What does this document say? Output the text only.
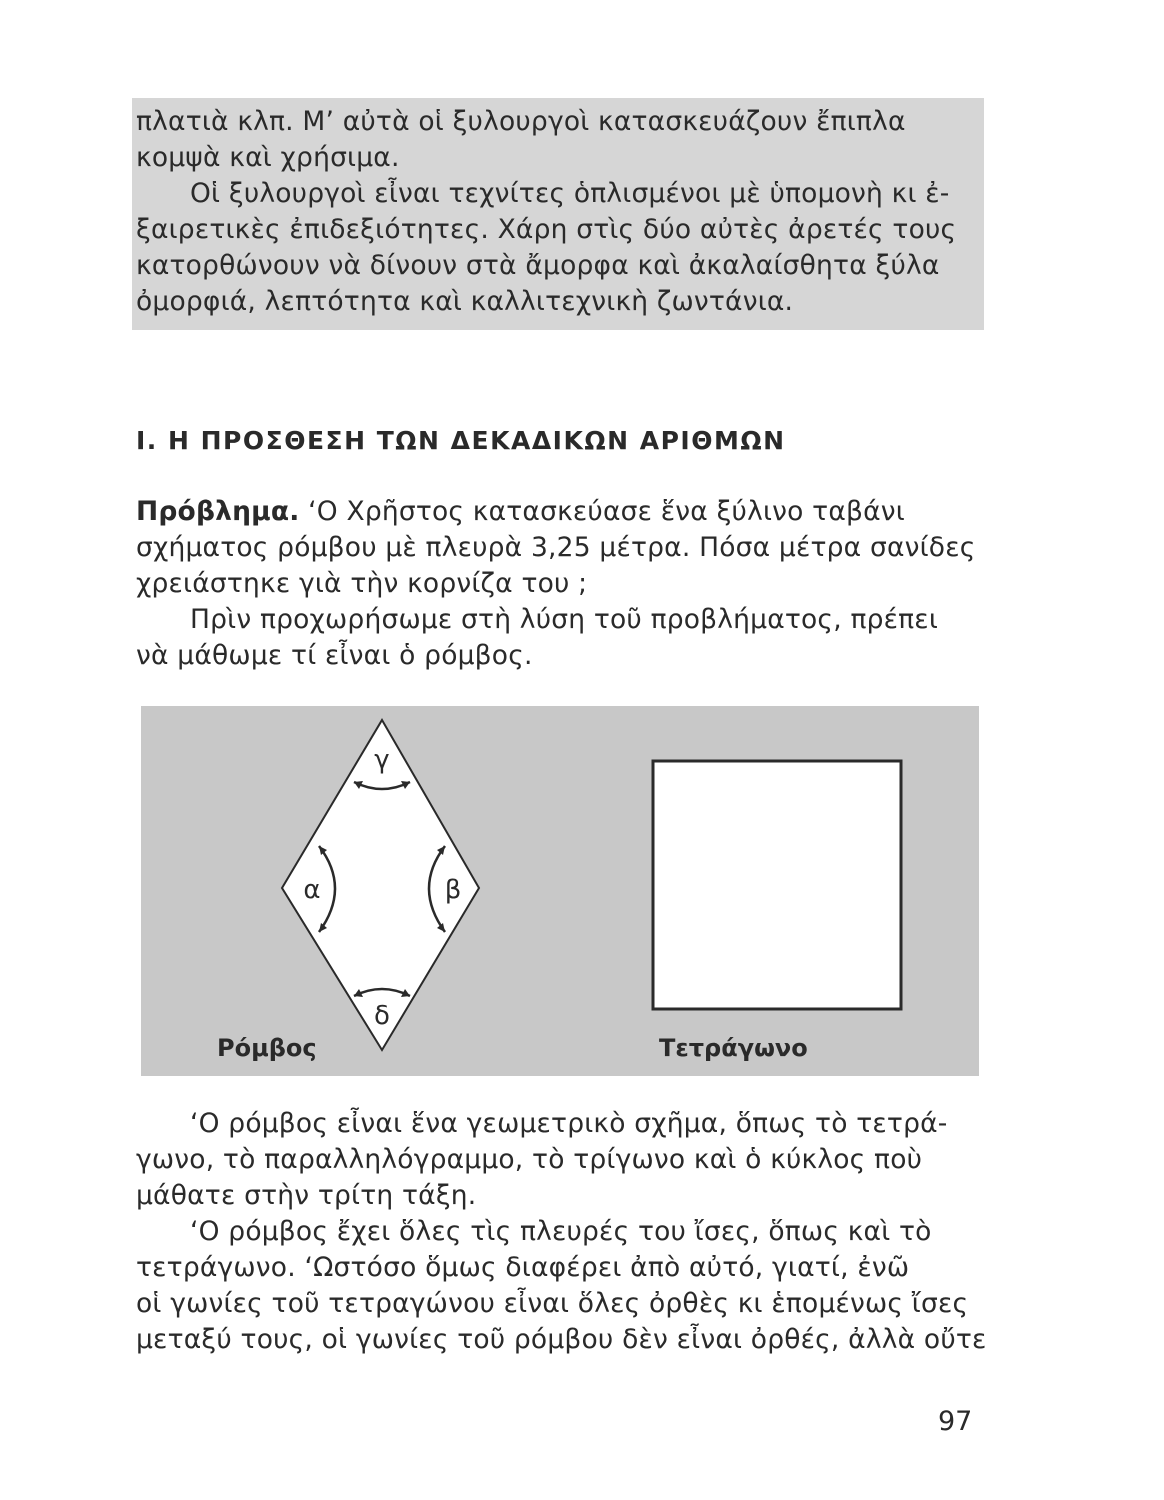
πλατιὰ κλπ. Μ’ αὐτὰ οἱ ξυλουργοὶ κατασκευάζουν ἔπιπλα
κομψὰ καὶ χρήσιμα.
Οἱ ξυλουργοὶ εἶναι τεχνίτες ὁπλισμένοι μὲ ὑπομονὴ κι ἐ-
ξαιρετικὲς ἐπιδεξιότητες. Χάρη στὶς δύο αὐτὲς ἀρετές τους
κατορθώνουν νὰ δίνουν στὰ ἄμορφα καὶ ἀκαλαίσθητα ξύλα
ὀμορφιά, λεπτότητα καὶ καλλιτεχνικὴ ζωντάνια.
Ι. Η ΠΡΟΣΘΕΣΗ ΤΩΝ ΔΕΚΑΔΙΚΩΝ ΑΡΙΘΜΩΝ
Πρόβλημα. ‘Ο Χρῆστος κατασκεύασε ἕνα ξύλινο ταβάνι
σχήματος ρόμβου μὲ πλευρὰ 3,25 μέτρα. Πόσα μέτρα σανίδες
χρειάστηκε γιὰ τὴν κορνίζα του ;
Πρὶν προχωρήσωμε στὴ λύση τοῦ προβλήματος, πρέπει
νὰ μάθωμε τί εἶναι ὁ ρόμβος.
γ
α	β
δ
Ρόμβος	Τετράγωνο
‘Ο ρόμβος εἶναι ἕνα γεωμετρικὸ σχῆμα, ὅπως τὸ τετρά-
γωνο, τὸ παραλληλόγραμμο, τὸ τρίγωνο καὶ ὁ κύκλος ποὺ
μάθατε στὴν τρίτη τάξη.
‘Ο ρόμβος ἔχει ὅλες τὶς πλευρές του ἴσες, ὅπως καὶ τὸ
τετράγωνο. ‘Ωστόσο ὅμως διαφέρει ἀπὸ αὐτό, γιατί, ἐνῶ
οἱ γωνίες τοῦ τετραγώνου εἶναι ὅλες ὀρθὲς κι ἑπομένως ἴσες
μεταξύ τους, οἱ γωνίες τοῦ ρόμβου δὲν εἶναι ὀρθές, ἀλλὰ οὔτε
97
